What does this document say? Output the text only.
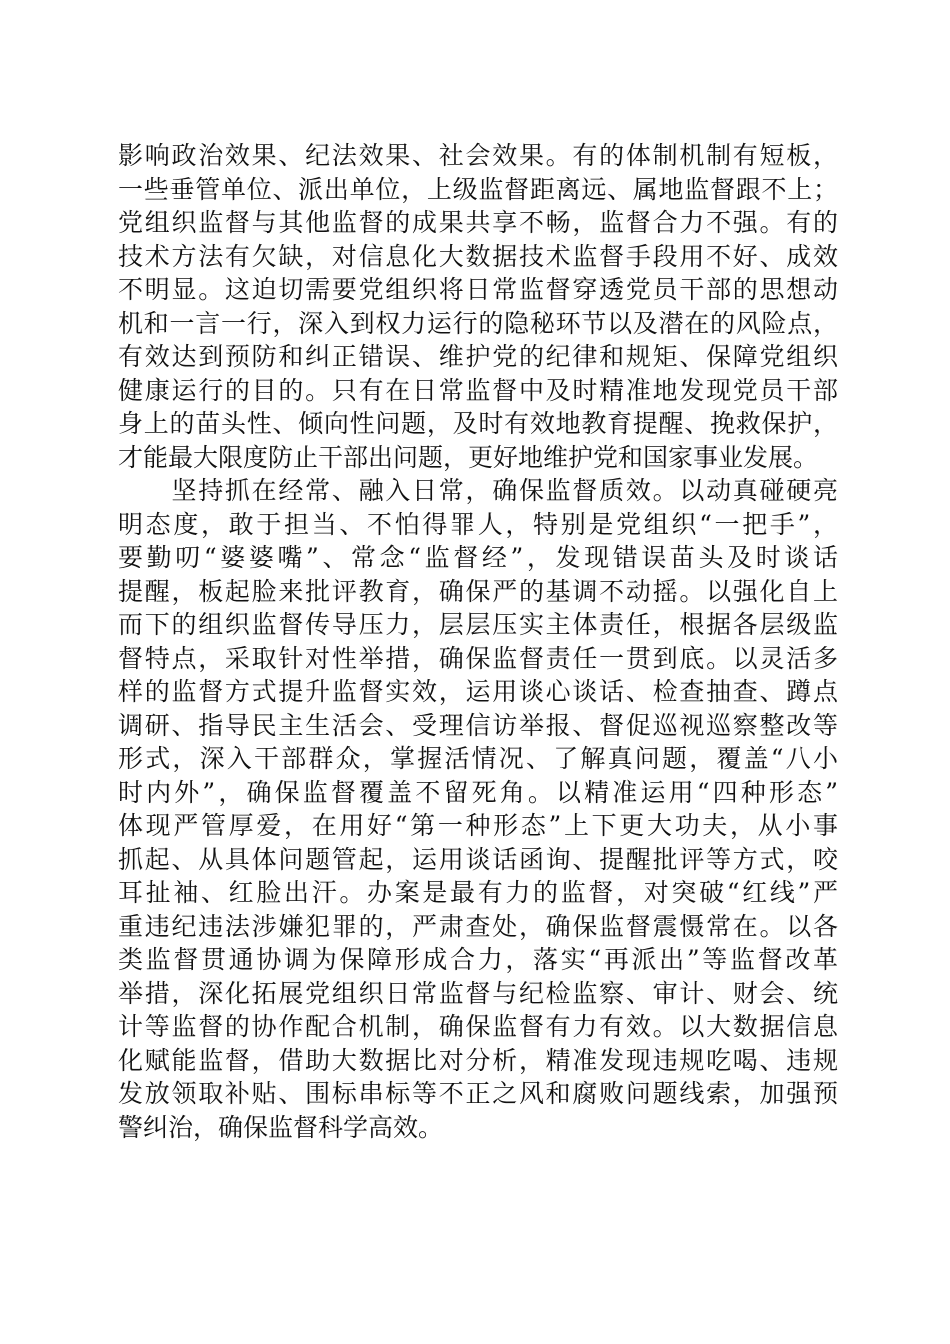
影响政治效果、纪法效果、社会效果。有的体制机制有短板，
一些垂管单位、派出单位，上级监督距离远、属地监督跟不上；
党组织监督与其他监督的成果共享不畅，监督合力不强。有的
技术方法有欠缺，对信息化大数据技术监督手段用不好、成效
不明显。这迫切需要党组织将日常监督穿透党员干部的思想动
机和一言一行，深入到权力运行的隐秘环节以及潜在的风险点，
有效达到预防和纠正错误、维护党的纪律和规矩、保障党组织
健康运行的目的。只有在日常监督中及时精准地发现党员干部
身上的苗头性、倾向性问题，及时有效地教育提醒、挽救保护，
才能最大限度防止干部出问题，更好地维护党和国家事业发展。
　　坚持抓在经常、融入日常，确保监督质效。以动真碰硬亮
明态度，敢于担当、不怕得罪人，特别是党组织“一把手”，
要勤叨“婆婆嘴”、常念“监督经”，发现错误苗头及时谈话
提醒，板起脸来批评教育，确保严的基调不动摇。以强化自上
而下的组织监督传导压力，层层压实主体责任，根据各层级监
督特点，采取针对性举措，确保监督责任一贯到底。以灵活多
样的监督方式提升监督实效，运用谈心谈话、检查抽查、蹲点
调研、指导民主生活会、受理信访举报、督促巡视巡察整改等
形式，深入干部群众，掌握活情况、了解真问题，覆盖“八小
时内外”，确保监督覆盖不留死角。以精准运用“四种形态”
体现严管厚爱，在用好“第一种形态”上下更大功夫，从小事
抓起、从具体问题管起，运用谈话函询、提醒批评等方式，咬
耳扯袖、红脸出汗。办案是最有力的监督，对突破“红线”严
重违纪违法涉嫌犯罪的，严肃查处，确保监督震慑常在。以各
类监督贯通协调为保障形成合力，落实“再派出”等监督改革
举措，深化拓展党组织日常监督与纪检监察、审计、财会、统
计等监督的协作配合机制，确保监督有力有效。以大数据信息
化赋能监督，借助大数据比对分析，精准发现违规吃喝、违规
发放领取补贴、围标串标等不正之风和腐败问题线索，加强预
警纠治，确保监督科学高效。
